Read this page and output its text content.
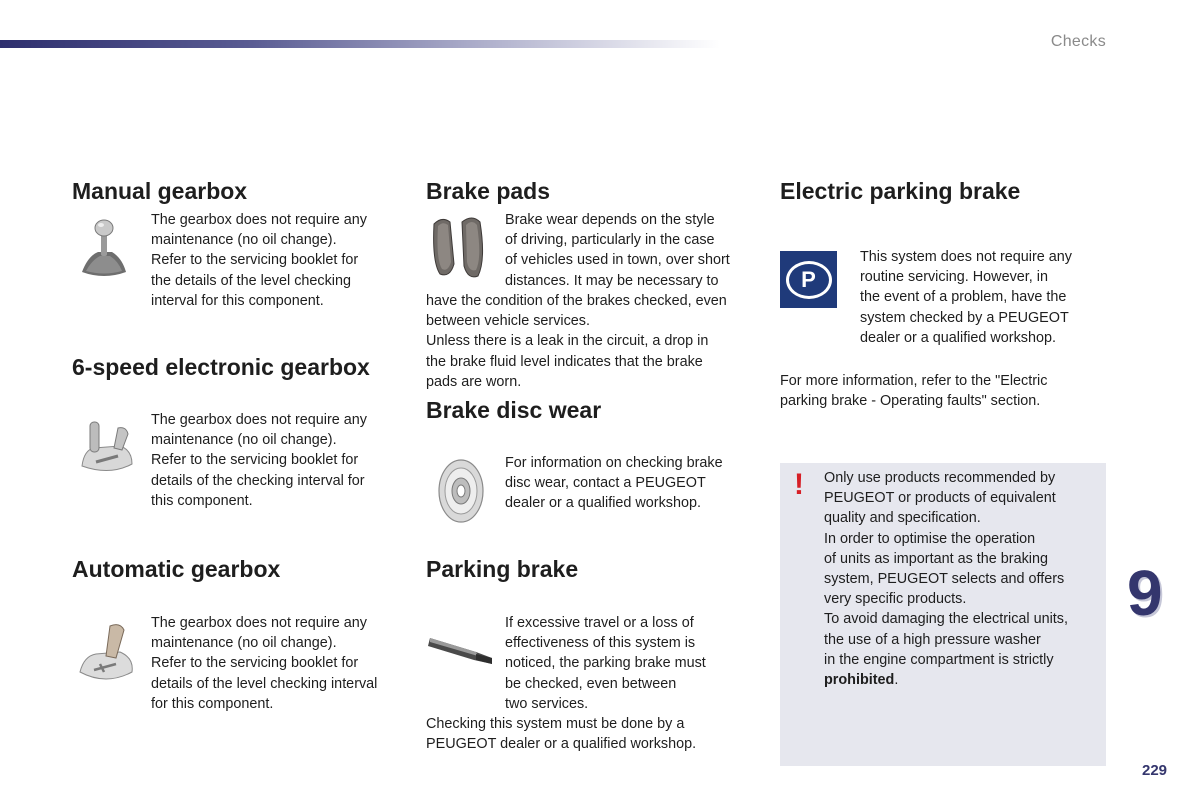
Checks
Manual gearbox

The gearbox does not require any

maintenance (no oil change).

Refer to the servicing booklet for

the details of the level checking

interval for this component.

6-speed electronic gearbox

The gearbox does not require any

maintenance (no oil change).

Refer to the servicing booklet for

details of the checking interval for

this component.

Automatic gearbox

The gearbox does not require any

maintenance (no oil change).

Refer to the servicing booklet for

details of the level checking interval

for this component.

Brake pads

Brake wear depends on the style

of driving, particularly in the case

of vehicles used in town, over short

distances. It may be necessary to

have the condition of the brakes checked, even

between vehicle services.

Unless there is a leak in the circuit, a drop in

the brake fluid level indicates that the brake

pads are worn.

Brake disc wear

For information on checking brake

disc wear, contact a PEUGEOT

dealer or a qualified workshop.

Parking brake

If excessive travel or a loss of

effectiveness of this system is

noticed, the parking brake must

be checked, even between

two services.

Checking this system must be done by a

PEUGEOT dealer or a qualified workshop.

Electric parking brake
P

This system does not require any

routine servicing. However, in

the event of a problem, have the

system checked by a PEUGEOT

dealer or a qualified workshop.

For more information, refer to the "Electric

parking brake - Operating faults" section.

! Only use products recommended by

PEUGEOT or products of equivalent

quality and specification.

In order to optimise the operation

of units as important as the braking

system, PEUGEOT selects and offers

very specific products.

To avoid damaging the electrical units,

the use of a high pressure washer

in the engine compartment is strictly

prohibited.

9
229
